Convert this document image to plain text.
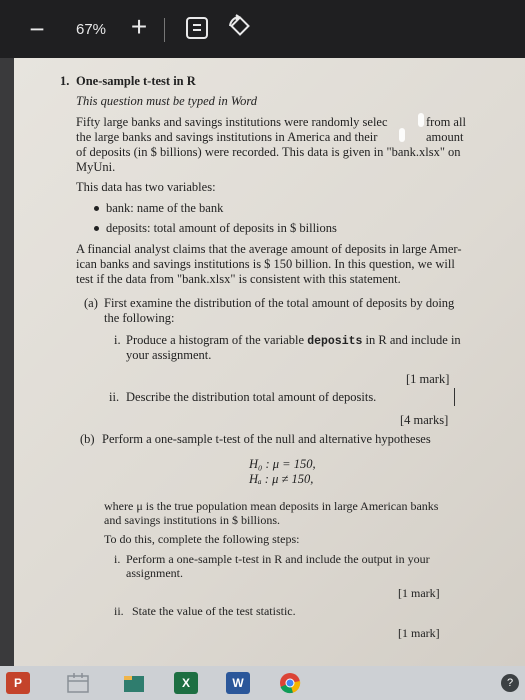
−	67% +
1. One-sample t-test in R
This question must be typed in Word
Fifty large banks and savings institutions were randomly selec	from all
the large banks and savings institutions in America and their	amount
of deposits (in $ billions) were recorded. This data is given in "bank.xlsx" on
MyUni.
This data has two variables:
bank: name of the bank
deposits: total amount of deposits in $ billions
A financial analyst claims that the average amount of deposits in large Amer-
ican banks and savings institutions is $ 150 billion. In this question, we will
test if the data from "bank.xlsx" is consistent with this statement.
(a) First examine the distribution of the total amount of deposits by doing
the following:
i. Produce a histogram of the variable deposits in R and include in
your assignment.
[1 mark]
ii. Describe the distribution total amount of deposits.
[4 marks]
(b) Perform a one-sample t-test of the null and alternative hypotheses
H₀ : μ = 150,
Hₐ : μ ≠ 150,
where μ is the true population mean deposits in large American banks
and savings institutions in $ billions.
To do this, complete the following steps:
i. Perform a one-sample t-test in R and include the output in your
assignment.
[1 mark]
ii. State the value of the test statistic.
[1 mark]
P	X	W	?
